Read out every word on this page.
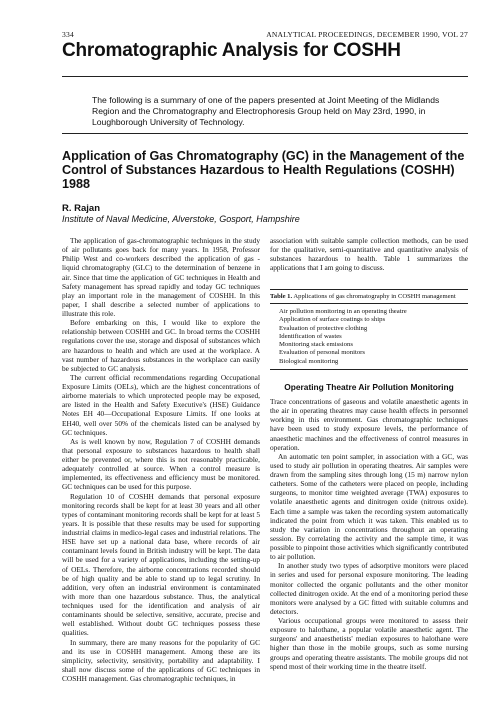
334	ANALYTICAL PROCEEDINGS, DECEMBER 1990, VOL 27
Chromatographic Analysis for COSHH
The following is a summary of one of the papers presented at Joint Meeting of the Midlands Region and the Chromatography and Electrophoresis Group held on May 23rd, 1990, in Loughborough University of Technology.
Application of Gas Chromatography (GC) in the Management of the Control of Substances Hazardous to Health Regulations (COSHH) 1988
R. Rajan
Institute of Naval Medicine, Alverstoke, Gosport, Hampshire

The application of gas-chromatographic techniques in the study of air pollutants goes back for many years. In 1958, Professor Philip West and co-workers described the application of gas - liquid chromatography (GLC) to the determination of benzene in air. Since that time the application of GC techniques in Health and Safety management has spread rapidly and today GC techniques play an important role in the management of COSHH. In this paper, I shall describe a selected number of applications to illustrate this role.

Before embarking on this, I would like to explore the relationship between COSHH and GC. In broad terms the COSHH regulations cover the use, storage and disposal of substances which are hazardous to health and which are used at the workplace. A vast number of hazardous substances in the workplace can easily be subjected to GC analysis.

The current official recommendations regarding Occupational Exposure Limits (OELs), which are the highest concentrations of airborne materials to which unprotected people may be exposed, are listed in the Health and Safety Executive's (HSE) Guidance Notes EH 40—Occupational Exposure Limits. If one looks at EH40, well over 50% of the chemicals listed can be analysed by GC techniques.

As is well known by now, Regulation 7 of COSHH demands that personal exposure to substances hazardous to health shall either be prevented or, where this is not reasonably practicable, adequately controlled at source. When a control measure is implemented, its effectiveness and efficiency must be monitored. GC techniques can be used for this purpose.

Regulation 10 of COSHH demands that personal exposure monitoring records shall be kept for at least 30 years and all other types of contaminant monitoring records shall be kept for at least 5 years. It is possible that these results may be used for supporting industrial claims in medico-legal cases and industrial relations. The HSE have set up a national data base, where records of air contaminant levels found in British industry will be kept. The data will be used for a variety of applications, including the setting-up of OELs. Therefore, the airborne concentrations recorded should be of high quality and be able to stand up to legal scrutiny. In addition, very often an industrial environment is contaminated with more than one hazardous substance. Thus, the analytical techniques used for the identification and analysis of air contaminants should be selective, sensitive, accurate, precise and well established. Without doubt GC techniques possess these qualities.

In summary, there are many reasons for the popularity of GC and its use in COSHH management. Among these are its simplicity, selectivity, sensitivity, portability and adaptability. I shall now discuss some of the applications of GC techniques in COSHH management. Gas chromatographic techniques, in

association with suitable sample collection methods, can be used for the qualitative, semi-quantitative and quantitative analysis of substances hazardous to health. Table 1 summarizes the applications that I am going to discuss.

Table 1. Applications of gas chromatography in COSHH management
Air pollution monitoring in an operating theatre
Application of surface coatings to ships
Evaluation of protective clothing
Identification of wastes
Monitoring stack emissions
Evaluation of personal monitors
Biological monitoring
Operating Theatre Air Pollution Monitoring

Trace concentrations of gaseous and volatile anaesthetic agents in the air in operating theatres may cause health effects in personnel working in this environment. Gas chromatographic techniques have been used to study exposure levels, the performance of anaesthetic machines and the effectiveness of control measures in operation.

An automatic ten point sampler, in association with a GC, was used to study air pollution in operating theatres. Air samples were drawn from the sampling sites through long (15 m) narrow nylon catheters. Some of the catheters were placed on people, including surgeons, to monitor time weighted average (TWA) exposures to volatile anaesthetic agents and dinitrogen oxide (nitrous oxide). Each time a sample was taken the recording system automatically indicated the point from which it was taken. This enabled us to study the variation in concentrations throughout an operating session. By correlating the activity and the sample time, it was possible to pinpoint those activities which significantly contributed to air pollution.

In another study two types of adsorptive monitors were placed in series and used for personal exposure monitoring. The leading monitor collected the organic pollutants and the other monitor collected dinitrogen oxide. At the end of a monitoring period these monitors were analysed by a GC fitted with suitable columns and detectors.

Various occupational groups were monitored to assess their exposure to halothane, a popular volatile anaesthetic agent. The surgeons' and anaesthetists' median exposures to halothane were higher than those in the mobile groups, such as some nursing groups and operating theatre assistants. The mobile groups did not spend most of their working time in the theatre itself.
